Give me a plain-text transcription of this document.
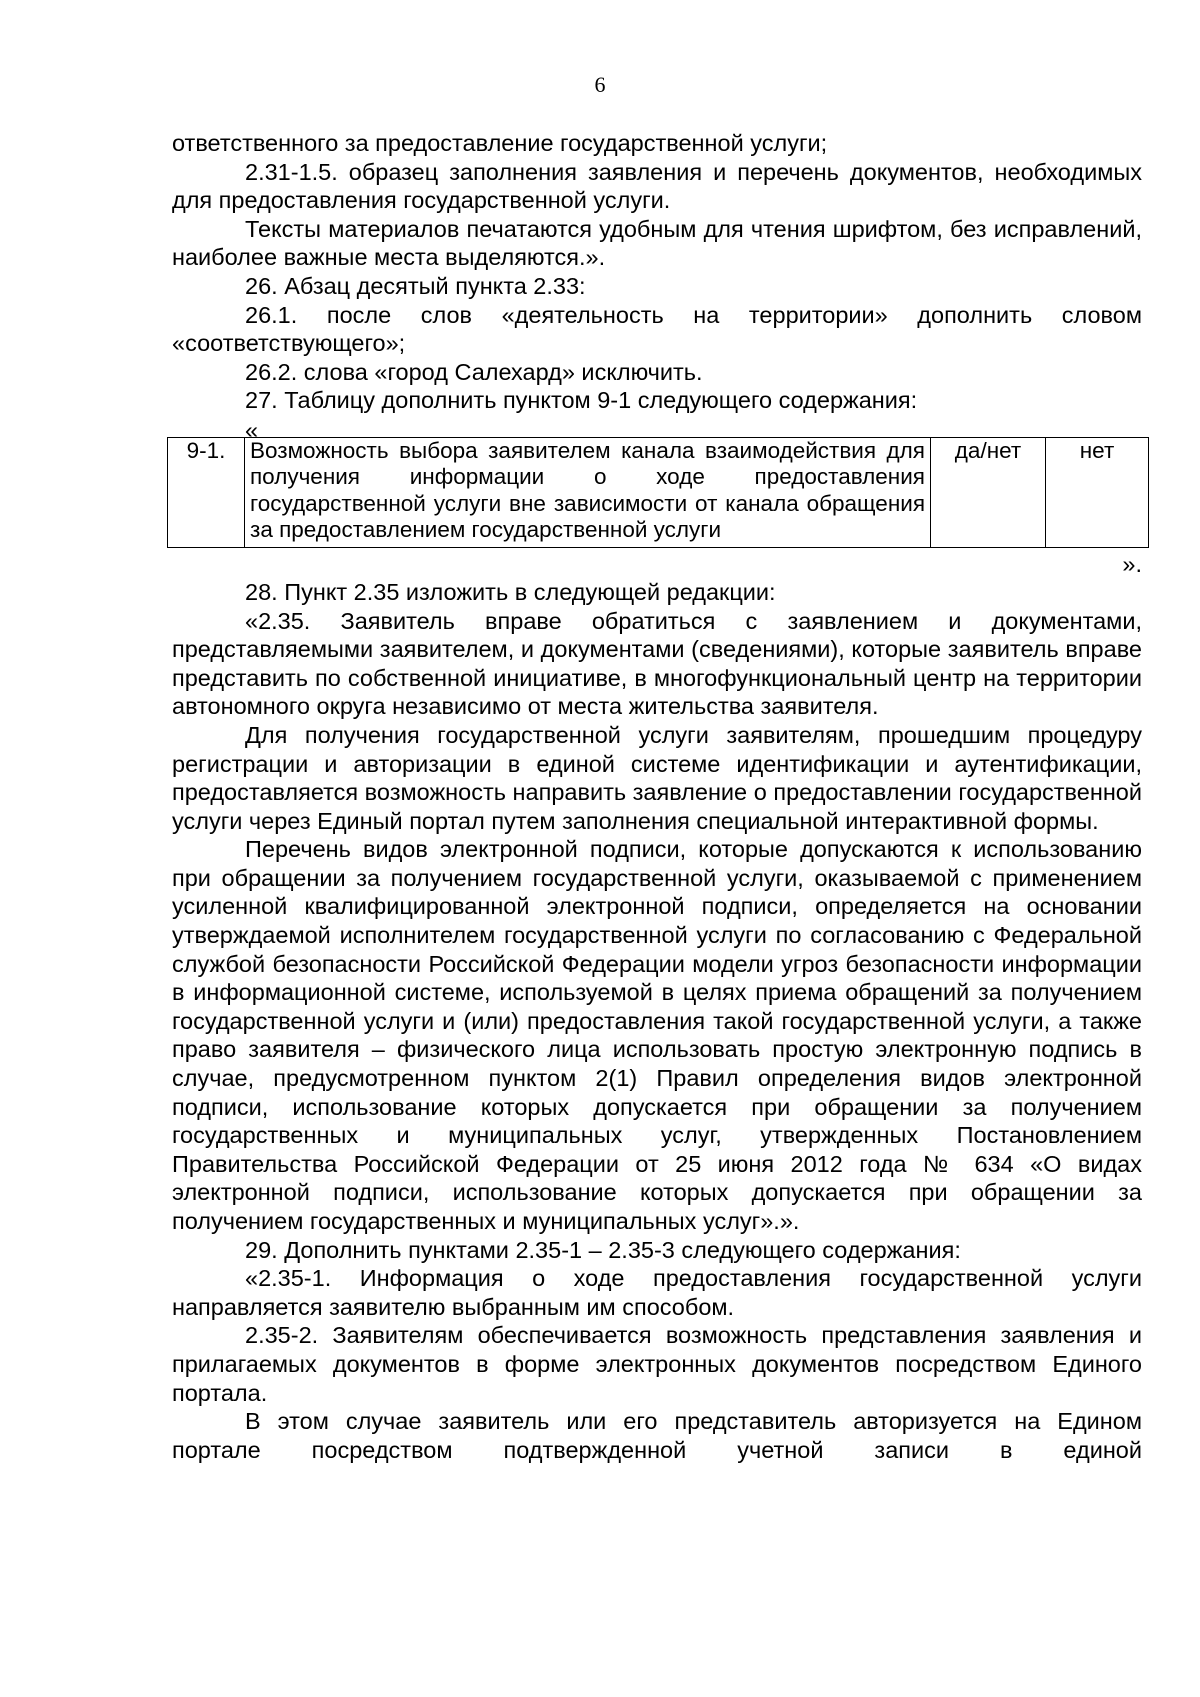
6

ответственного за предоставление государственной услуги;

2.31-1.5. образец заполнения заявления и перечень документов, необходимых для предоставления государственной услуги.

Тексты материалов печатаются удобным для чтения шрифтом, без исправлений, наиболее важные места выделяются.».

26. Абзац десятый пункта 2.33:

26.1. после слов «деятельность на территории» дополнить словом «соответствующего»;

26.2. слова «город Салехард» исключить.

27. Таблицу дополнить пунктом 9-1 следующего содержания:

«

9-1.	Возможность выбора заявителем канала взаимодействия для получения информации о ходе предоставления государственной услуги вне зависимости от канала обращения за предоставлением государственной услуги	да/нет	нет

».

28. Пункт 2.35 изложить в следующей редакции:

«2.35. Заявитель вправе обратиться с заявлением и документами, представляемыми заявителем, и документами (сведениями), которые заявитель вправе представить по собственной инициативе, в многофункциональный центр на территории автономного округа независимо от места жительства заявителя.

Для получения государственной услуги заявителям, прошедшим процедуру регистрации и авторизации в единой системе идентификации и аутентификации, предоставляется возможность направить заявление о предоставлении государственной услуги через Единый портал путем заполнения специальной интерактивной формы.

Перечень видов электронной подписи, которые допускаются к использованию при обращении за получением государственной услуги, оказываемой с применением усиленной квалифицированной электронной подписи, определяется на основании утверждаемой исполнителем государственной услуги по согласованию с Федеральной службой безопасности Российской Федерации модели угроз безопасности информации в информационной системе, используемой в целях приема обращений за получением государственной услуги и (или) предоставления такой государственной услуги, а также право заявителя – физического лица использовать простую электронную подпись в случае, предусмотренном пунктом 2(1) Правил определения видов электронной подписи, использование которых допускается при обращении за получением государственных и муниципальных услуг, утвержденных Постановлением Правительства Российской Федерации от 25 июня 2012 года № 634 «О видах электронной подписи, использование которых допускается при обращении за получением государственных и муниципальных услуг».».

29. Дополнить пунктами 2.35-1 – 2.35-3 следующего содержания:

«2.35-1. Информация о ходе предоставления государственной услуги направляется заявителю выбранным им способом.

2.35-2. Заявителям обеспечивается возможность представления заявления и прилагаемых документов в форме электронных документов посредством Единого портала.

В этом случае заявитель или его представитель авторизуется на Едином портале посредством подтвержденной учетной записи в единой
